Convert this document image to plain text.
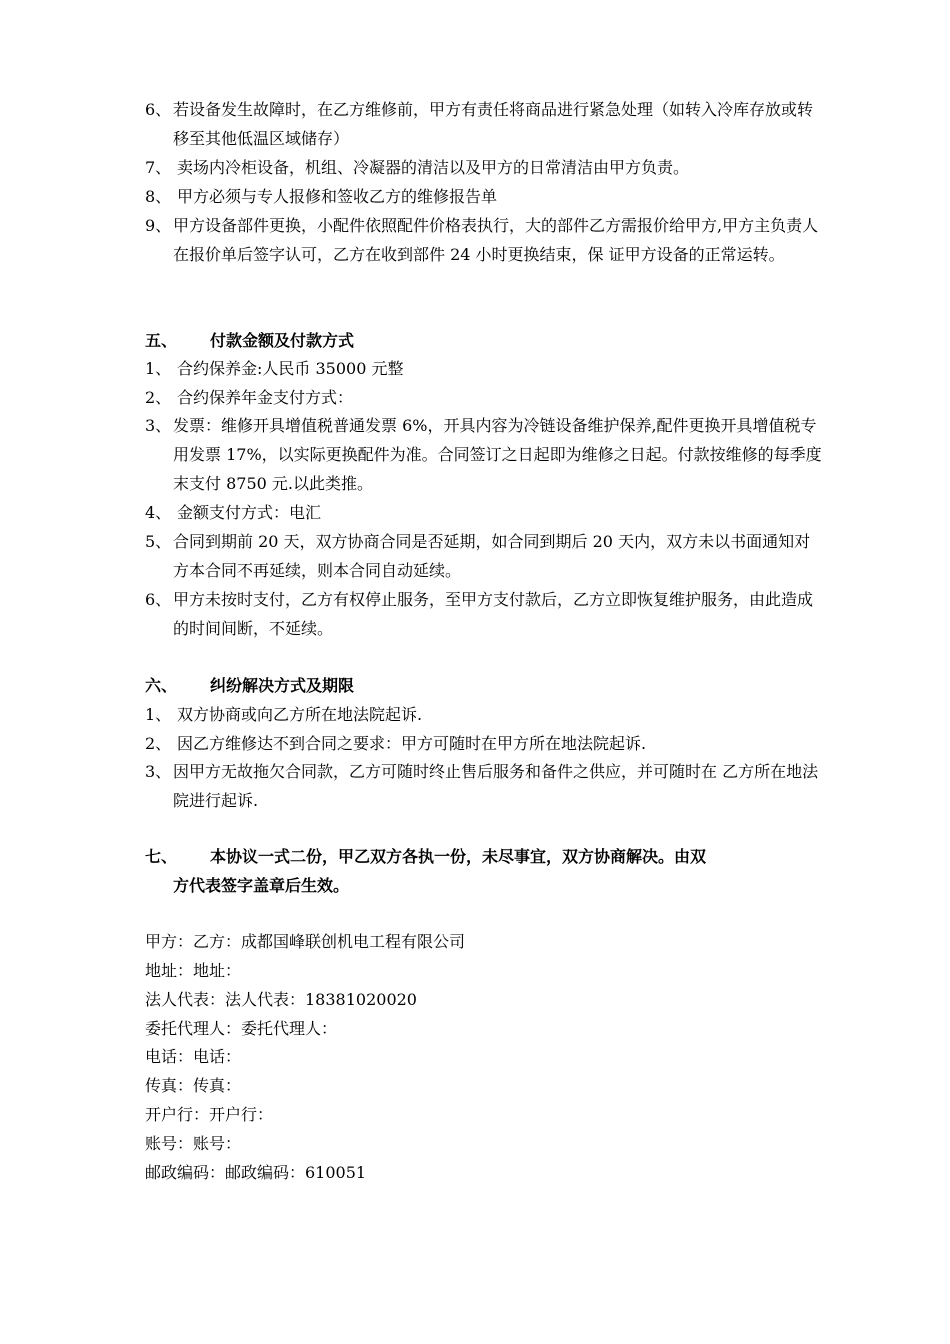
6、 若设备发生故障时，在乙方维修前，甲方有责任将商品进行紧急处理（如转入冷库存放或转移至其他低温区域储存）
7、 卖场内冷柜设备，机组、冷凝器的清洁以及甲方的日常清洁由甲方负责。
8、 甲方必须与专人报修和签收乙方的维修报告单
9、 甲方设备部件更换，小配件依照配件价格表执行，大的部件乙方需报价给甲方,甲方主负责人在报价单后签字认可，乙方在收到部件 24 小时更换结束，保 证甲方设备的正常运转。
五、 付款金额及付款方式
1、 合约保养金:人民币 35000 元整
2、 合约保养年金支付方式：
3、 发票：维修开具增值税普通发票 6%，开具内容为冷链设备维护保养,配件更换开具增值税专用发票 17%，以实际更换配件为准。合同签订之日起即为维修之日起。付款按维修的每季度末支付 8750 元.以此类推。
4、 金额支付方式：电汇
5、 合同到期前 20 天，双方协商合同是否延期，如合同到期后 20 天内，双方未以书面通知对方本合同不再延续，则本合同自动延续。
6、 甲方未按时支付，乙方有权停止服务，至甲方支付款后，乙方立即恢复维护服务，由此造成的时间间断，不延续。
六、 纠纷解决方式及期限
1、 双方协商或向乙方所在地法院起诉.
2、 因乙方维修达不到合同之要求：甲方可随时在甲方所在地法院起诉.
3、 因甲方无故拖欠合同款，乙方可随时终止售后服务和备件之供应，并可随时在 乙方所在地法院进行起诉.
七、 本协议一式二份，甲乙双方各执一份，未尽事宜，双方协商解决。由双
方代表签字盖章后生效。
甲方：乙方：成都国峰联创机电工程有限公司
地址：地址：
法人代表：法人代表：18381020020
委托代理人：委托代理人：
电话：电话：
传真：传真：
开户行：开户行：
账号：账号：
邮政编码：邮政编码：610051
